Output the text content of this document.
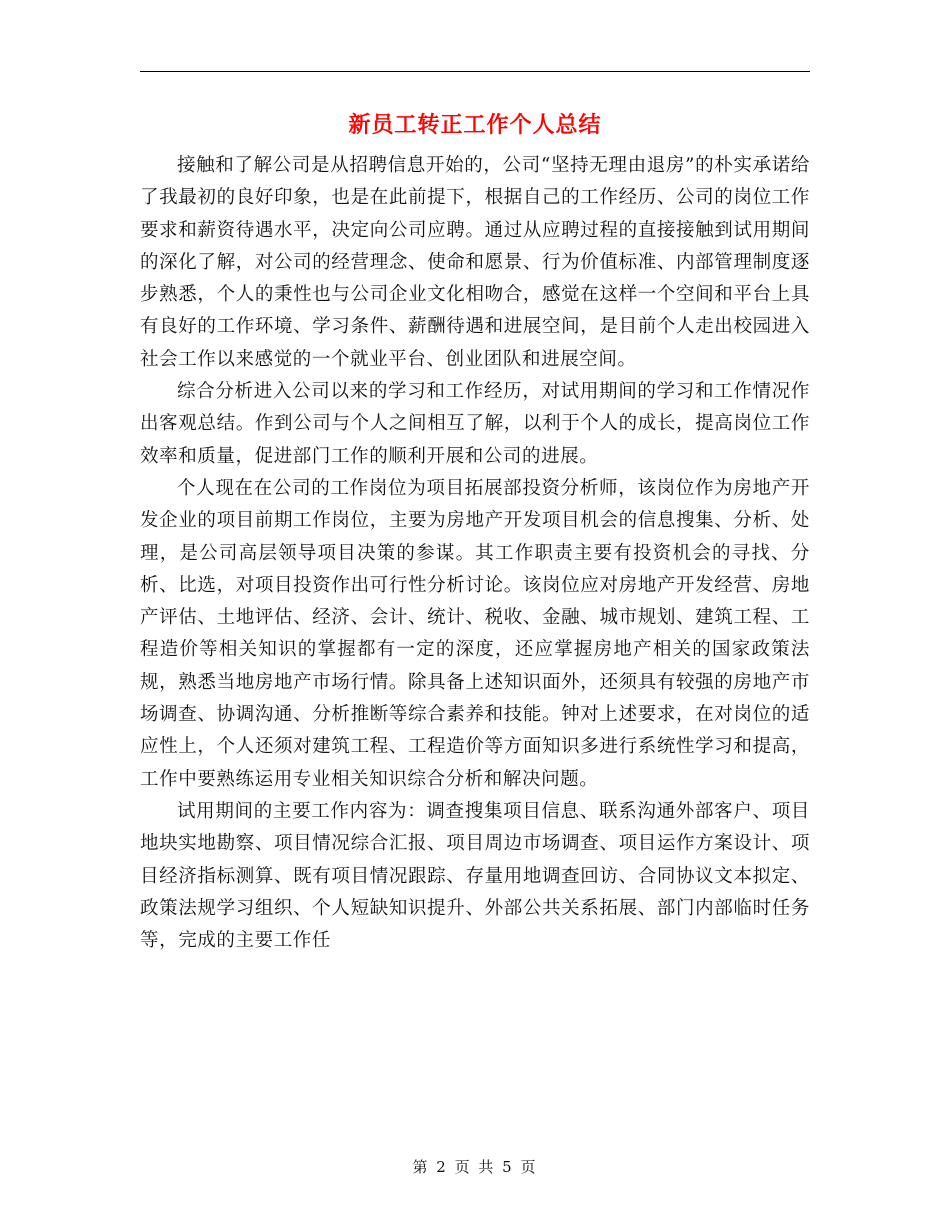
新员工转正工作个人总结

接触和了解公司是从招聘信息开始的，公司“坚持无理由退房”的朴实承诺给了我最初的良好印象，也是在此前提下，根据自己的工作经历、公司的岗位工作要求和薪资待遇水平，决定向公司应聘。通过从应聘过程的直接接触到试用期间的深化了解，对公司的经营理念、使命和愿景、行为价值标准、内部管理制度逐步熟悉，个人的秉性也与公司企业文化相吻合，感觉在这样一个空间和平台上具有良好的工作环境、学习条件、薪酬待遇和进展空间，是目前个人走出校园进入社会工作以来感觉的一个就业平台、创业团队和进展空间。

综合分析进入公司以来的学习和工作经历，对试用期间的学习和工作情况作出客观总结。作到公司与个人之间相互了解，以利于个人的成长，提高岗位工作效率和质量，促进部门工作的顺利开展和公司的进展。

个人现在在公司的工作岗位为项目拓展部投资分析师，该岗位作为房地产开发企业的项目前期工作岗位，主要为房地产开发项目机会的信息搜集、分析、处理，是公司高层领导项目决策的参谋。其工作职责主要有投资机会的寻找、分析、比选，对项目投资作出可行性分析讨论。该岗位应对房地产开发经营、房地产评估、土地评估、经济、会计、统计、税收、金融、城市规划、建筑工程、工程造价等相关知识的掌握都有一定的深度，还应掌握房地产相关的国家政策法规，熟悉当地房地产市场行情。除具备上述知识面外，还须具有较强的房地产市场调查、协调沟通、分析推断等综合素养和技能。钟对上述要求，在对岗位的适应性上，个人还须对建筑工程、工程造价等方面知识多进行系统性学习和提高，工作中要熟练运用专业相关知识综合分析和解决问题。

试用期间的主要工作内容为：调查搜集项目信息、联系沟通外部客户、项目地块实地勘察、项目情况综合汇报、项目周边市场调查、项目运作方案设计、项目经济指标测算、既有项目情况跟踪、存量用地调查回访、合同协议文本拟定、政策法规学习组织、个人短缺知识提升、外部公共关系拓展、部门内部临时任务等，完成的主要工作任

第 2 页 共 5 页
